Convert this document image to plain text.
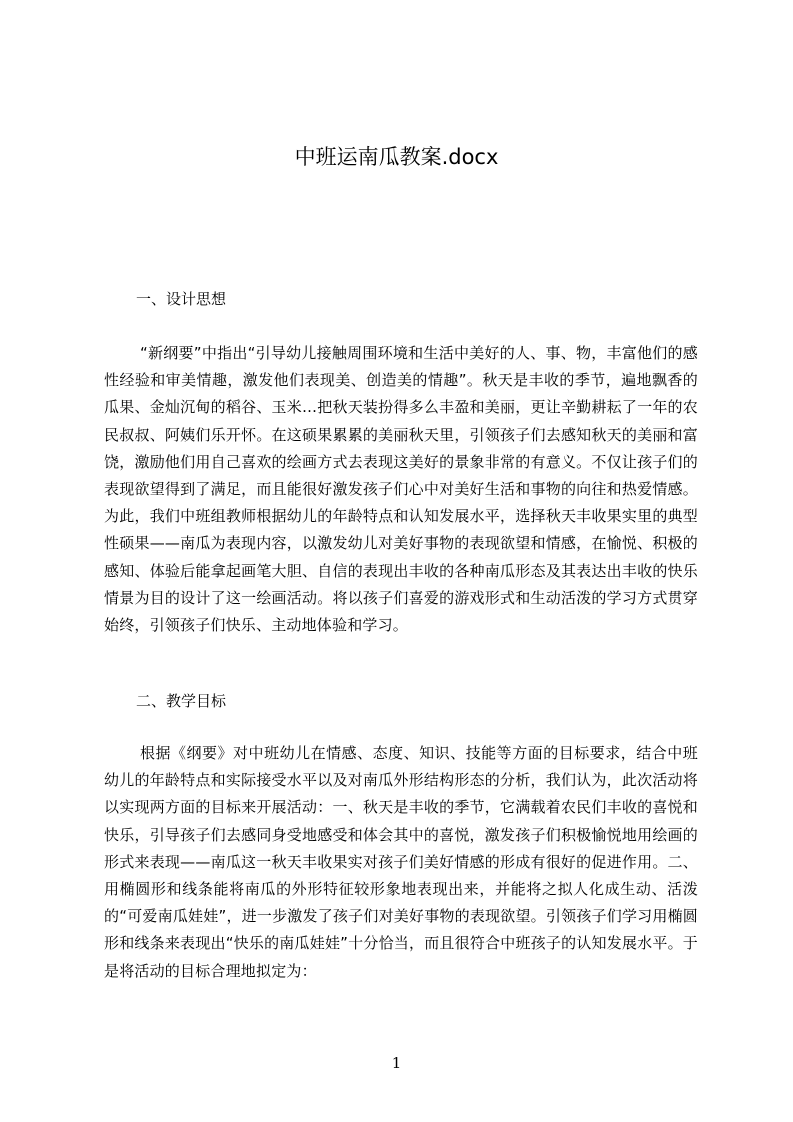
中班运南瓜教案.docx
一、设计思想

“新纲要”中指出“引导幼儿接触周围环境和生活中美好的人、事、物，丰富他们的感性经验和审美情趣，激发他们表现美、创造美的情趣”。秋天是丰收的季节，遍地飘香的瓜果、金灿沉甸的稻谷、玉米…把秋天装扮得多么丰盈和美丽，更让辛勤耕耘了一年的农民叔叔、阿姨们乐开怀。在这硕果累累的美丽秋天里，引领孩子们去感知秋天的美丽和富饶，激励他们用自己喜欢的绘画方式去表现这美好的景象非常的有意义。不仅让孩子们的表现欲望得到了满足，而且能很好激发孩子们心中对美好生活和事物的向往和热爱情感。为此，我们中班组教师根据幼儿的年龄特点和认知发展水平，选择秋天丰收果实里的典型性硕果——南瓜为表现内容，以激发幼儿对美好事物的表现欲望和情感，在愉悦、积极的感知、体验后能拿起画笔大胆、自信的表现出丰收的各种南瓜形态及其表达出丰收的快乐情景为目的设计了这一绘画活动。将以孩子们喜爱的游戏形式和生动活泼的学习方式贯穿始终，引领孩子们快乐、主动地体验和学习。

二、教学目标

根据《纲要》对中班幼儿在情感、态度、知识、技能等方面的目标要求，结合中班幼儿的年龄特点和实际接受水平以及对南瓜外形结构形态的分析，我们认为，此次活动将以实现两方面的目标来开展活动：一、秋天是丰收的季节，它满载着农民们丰收的喜悦和快乐，引导孩子们去感同身受地感受和体会其中的喜悦，激发孩子们积极愉悦地用绘画的形式来表现——南瓜这一秋天丰收果实对孩子们美好情感的形成有很好的促进作用。二、用椭圆形和线条能将南瓜的外形特征较形象地表现出来，并能将之拟人化成生动、活泼的“可爱南瓜娃娃”，进一步激发了孩子们对美好事物的表现欲望。引领孩子们学习用椭圆形和线条来表现出“快乐的南瓜娃娃”十分恰当，而且很符合中班孩子的认知发展水平。于是将活动的目标合理地拟定为：

1
